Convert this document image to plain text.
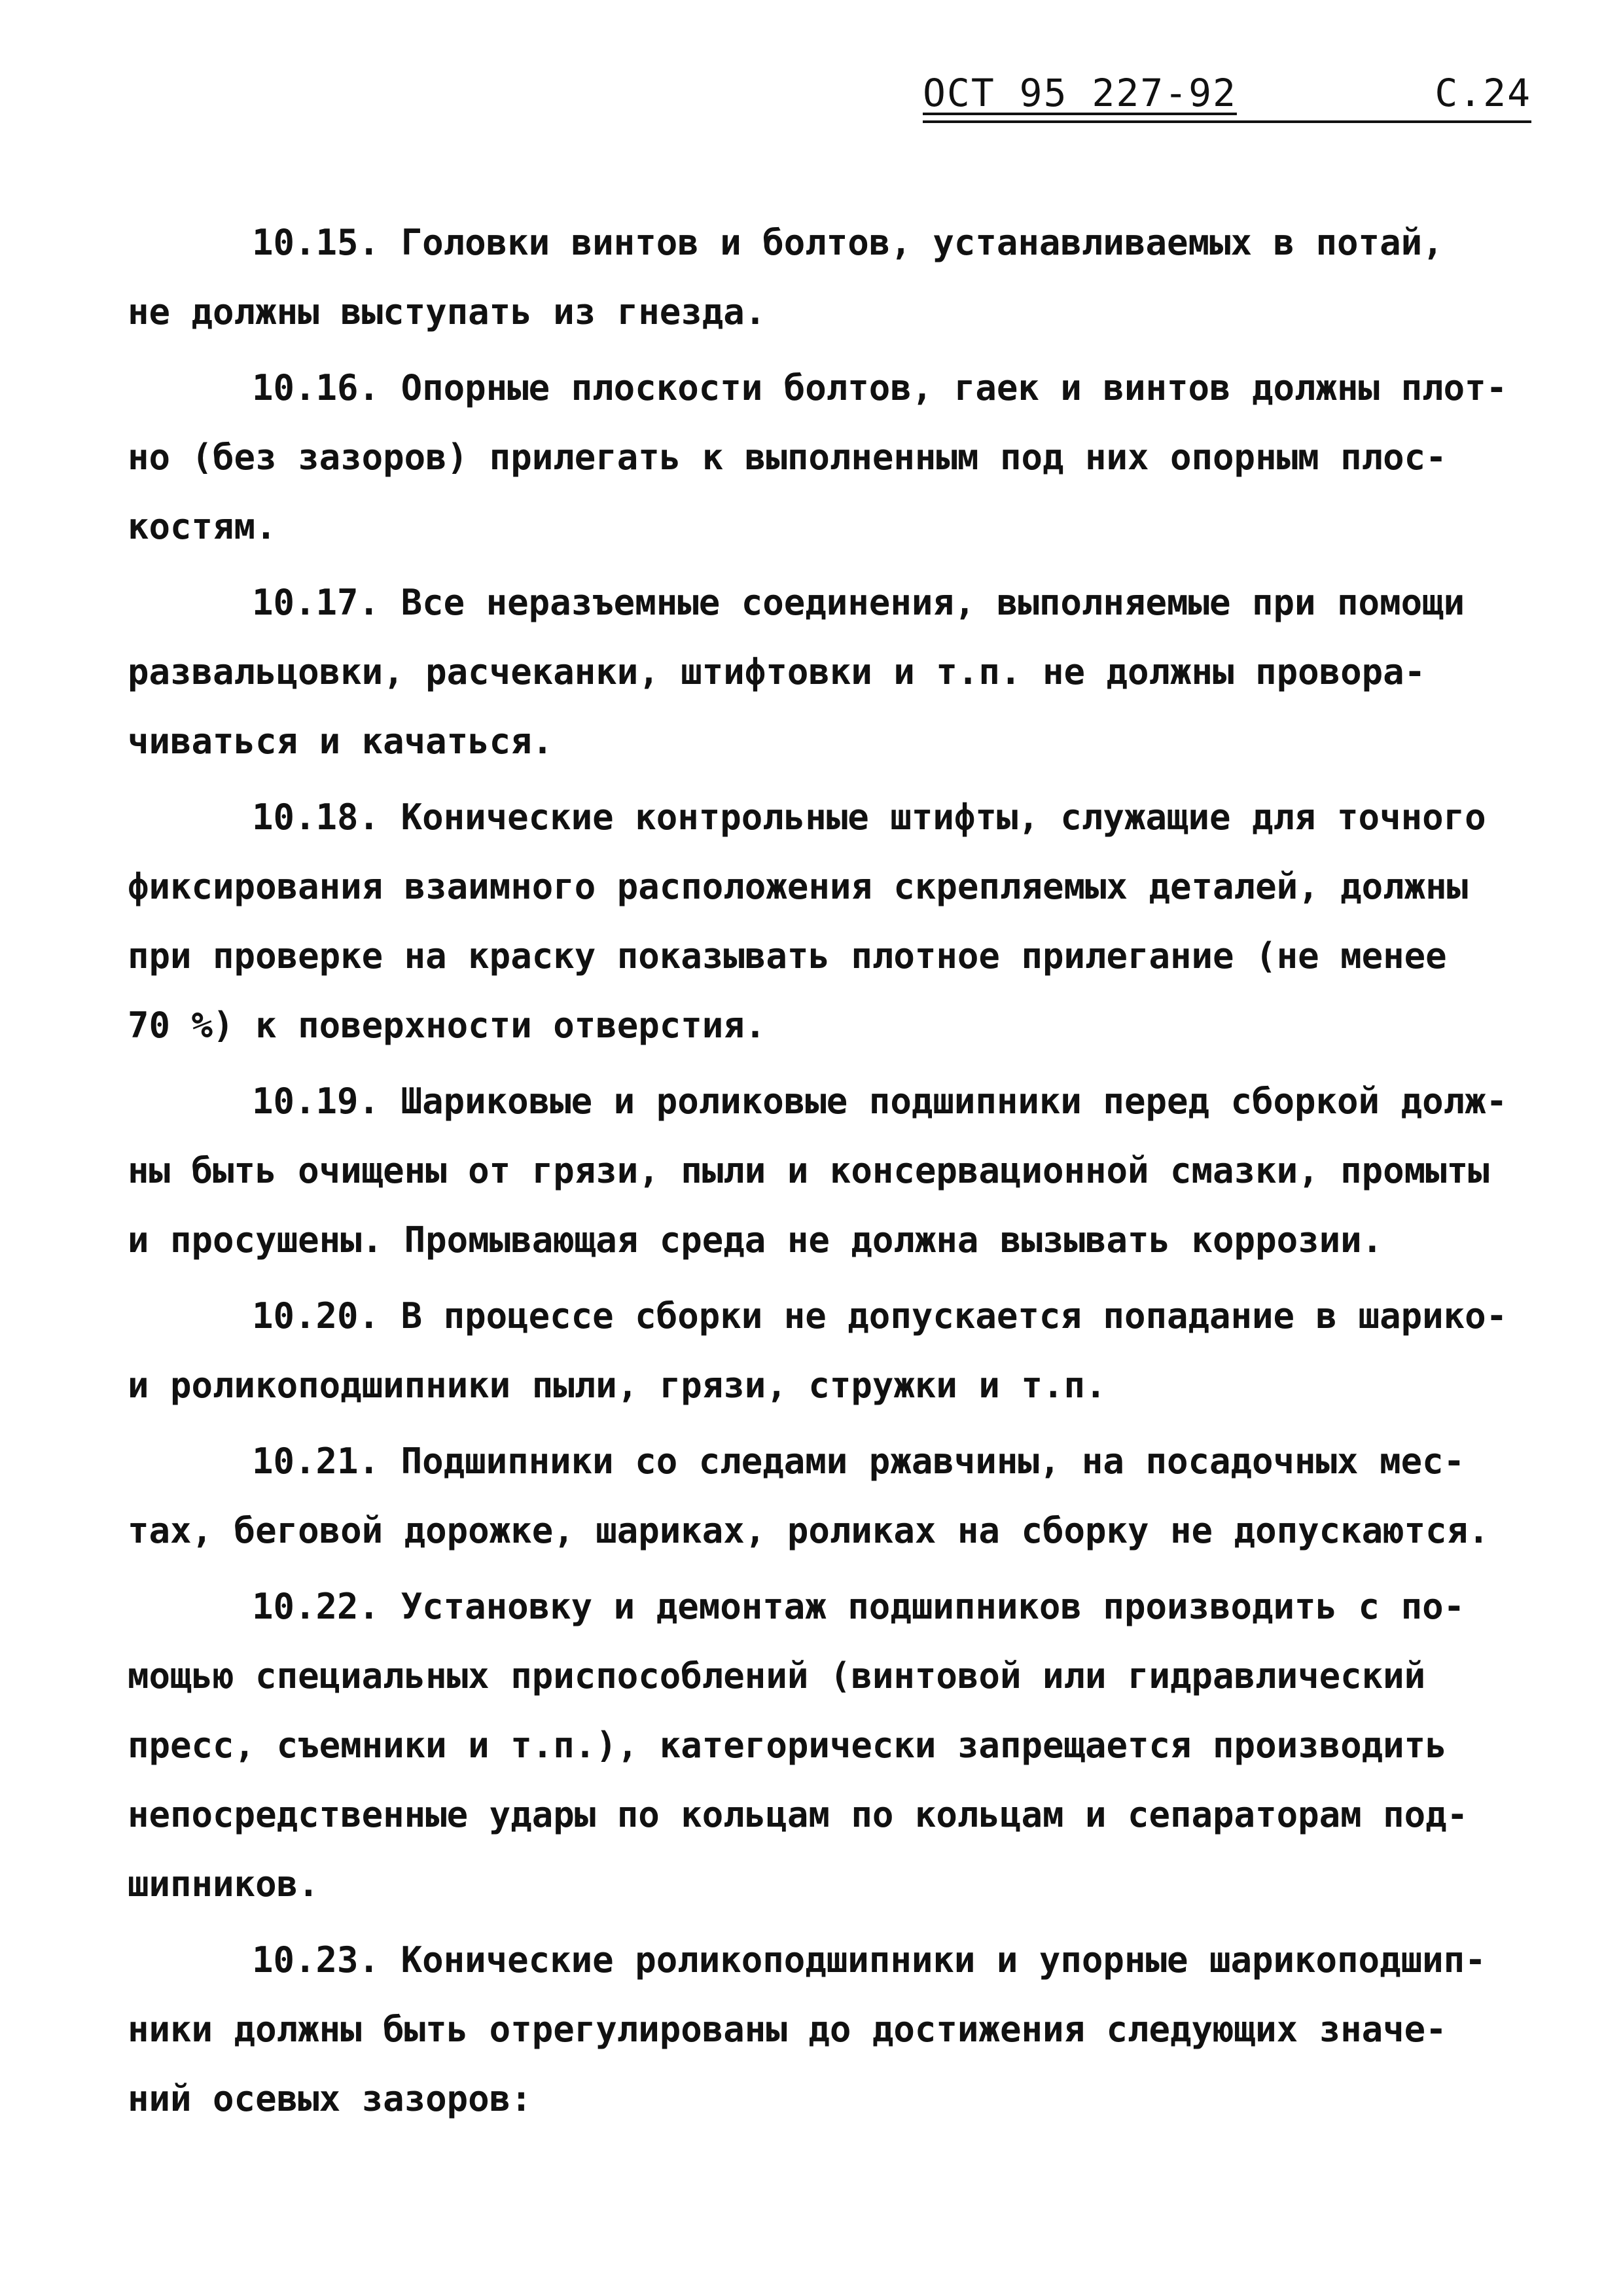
ОСТ 95 227-92	С.24
10.15. Головки винтов и болтов, устанавливаемых в потай,
не должны выступать из гнезда.
10.16. Опорные плоскости болтов, гаек и винтов должны плот-
но (без зазоров) прилегать к выполненным под них опорным плос-
костям.
10.17. Все неразъемные соединения, выполняемые при помощи
развальцовки, расчеканки, штифтовки и т.п. не должны провора-
чиваться и качаться.
10.18. Конические контрольные штифты, служащие для точного
фиксирования взаимного расположения скрепляемых деталей, должны
при проверке на краску показывать плотное прилегание (не менее
70 %) к поверхности отверстия.
10.19. Шариковые и роликовые подшипники перед сборкой долж-
ны быть очищены от грязи, пыли и консервационной смазки, промыты
и просушены. Промывающая среда не должна вызывать коррозии.
10.20. В процессе сборки не допускается попадание в шарико-
и роликоподшипники пыли, грязи, стружки и т.п.
10.21. Подшипники со следами ржавчины, на посадочных мес-
тах, беговой дорожке, шариках, роликах на сборку не допускаются.
10.22. Установку и демонтаж подшипников производить с по-
мощью специальных приспособлений (винтовой или гидравлический
пресс, съемники и т.п.), категорически запрещается производить
непосредственные удары по кольцам по кольцам и сепараторам под-
шипников.
10.23. Конические роликоподшипники и упорные шарикоподшип-
ники должны быть отрегулированы до достижения следующих значе-
ний осевых зазоров:
